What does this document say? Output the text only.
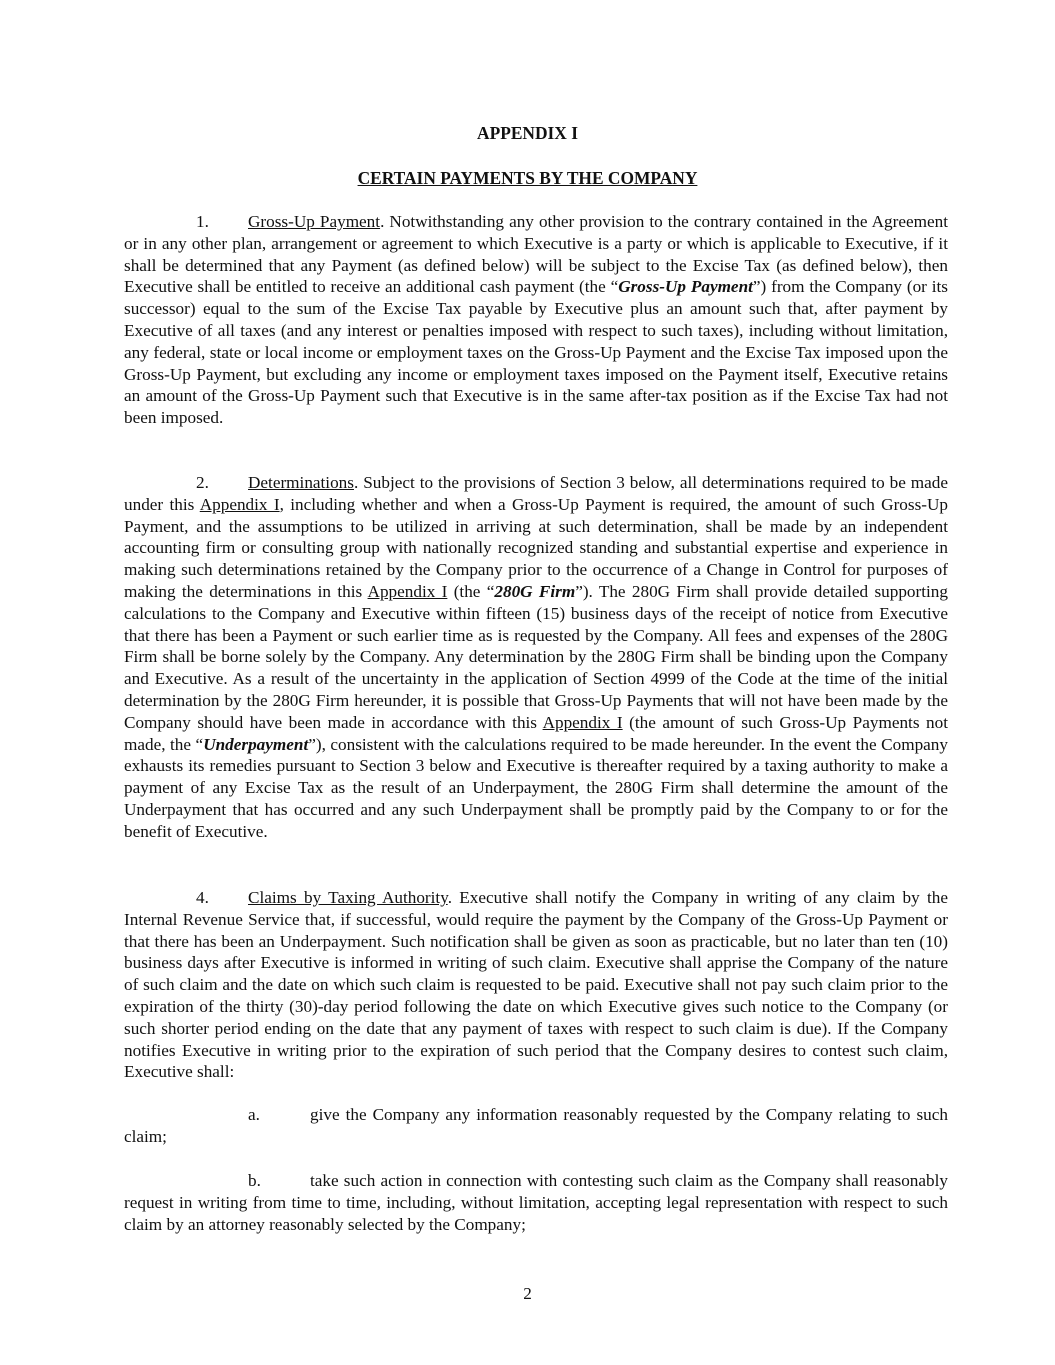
APPENDIX I
CERTAIN PAYMENTS BY THE COMPANY

1. Gross-Up Payment. Notwithstanding any other provision to the contrary contained in the Agreement or in any other plan, arrangement or agreement to which Executive is a party or which is applicable to Executive, if it shall be determined that any Payment (as defined below) will be subject to the Excise Tax (as defined below), then Executive shall be entitled to receive an additional cash payment (the “Gross-Up Payment”) from the Company (or its successor) equal to the sum of the Excise Tax payable by Executive plus an amount such that, after payment by Executive of all taxes (and any interest or penalties imposed with respect to such taxes), including without limitation, any federal, state or local income or employment taxes on the Gross-Up Payment and the Excise Tax imposed upon the Gross-Up Payment, but excluding any income or employment taxes imposed on the Payment itself, Executive retains an amount of the Gross-Up Payment such that Executive is in the same after-tax position as if the Excise Tax had not been imposed.

2. Determinations. Subject to the provisions of Section 3 below, all determinations required to be made under this Appendix I, including whether and when a Gross-Up Payment is required, the amount of such Gross-Up Payment, and the assumptions to be utilized in arriving at such determination, shall be made by an independent accounting firm or consulting group with nationally recognized standing and substantial expertise and experience in making such determinations retained by the Company prior to the occurrence of a Change in Control for purposes of making the determinations in this Appendix I (the “280G Firm”). The 280G Firm shall provide detailed supporting calculations to the Company and Executive within fifteen (15) business days of the receipt of notice from Executive that there has been a Payment or such earlier time as is requested by the Company. All fees and expenses of the 280G Firm shall be borne solely by the Company. Any determination by the 280G Firm shall be binding upon the Company and Executive. As a result of the uncertainty in the application of Section 4999 of the Code at the time of the initial determination by the 280G Firm hereunder, it is possible that Gross-Up Payments that will not have been made by the Company should have been made in accordance with this Appendix I (the amount of such Gross-Up Payments not made, the “Underpayment”), consistent with the calculations required to be made hereunder. In the event the Company exhausts its remedies pursuant to Section 3 below and Executive is thereafter required by a taxing authority to make a payment of any Excise Tax as the result of an Underpayment, the 280G Firm shall determine the amount of the Underpayment that has occurred and any such Underpayment shall be promptly paid by the Company to or for the benefit of Executive.

4. Claims by Taxing Authority. Executive shall notify the Company in writing of any claim by the Internal Revenue Service that, if successful, would require the payment by the Company of the Gross-Up Payment or that there has been an Underpayment. Such notification shall be given as soon as practicable, but no later than ten (10) business days after Executive is informed in writing of such claim. Executive shall apprise the Company of the nature of such claim and the date on which such claim is requested to be paid. Executive shall not pay such claim prior to the expiration of the thirty (30)-day period following the date on which Executive gives such notice to the Company (or such shorter period ending on the date that any payment of taxes with respect to such claim is due). If the Company notifies Executive in writing prior to the expiration of such period that the Company desires to contest such claim, Executive shall:

a.	give the Company any information reasonably requested by the Company relating to such claim;

b.	take such action in connection with contesting such claim as the Company shall reasonably request in writing from time to time, including, without limitation, accepting legal representation with respect to such claim by an attorney reasonably selected by the Company;

2
